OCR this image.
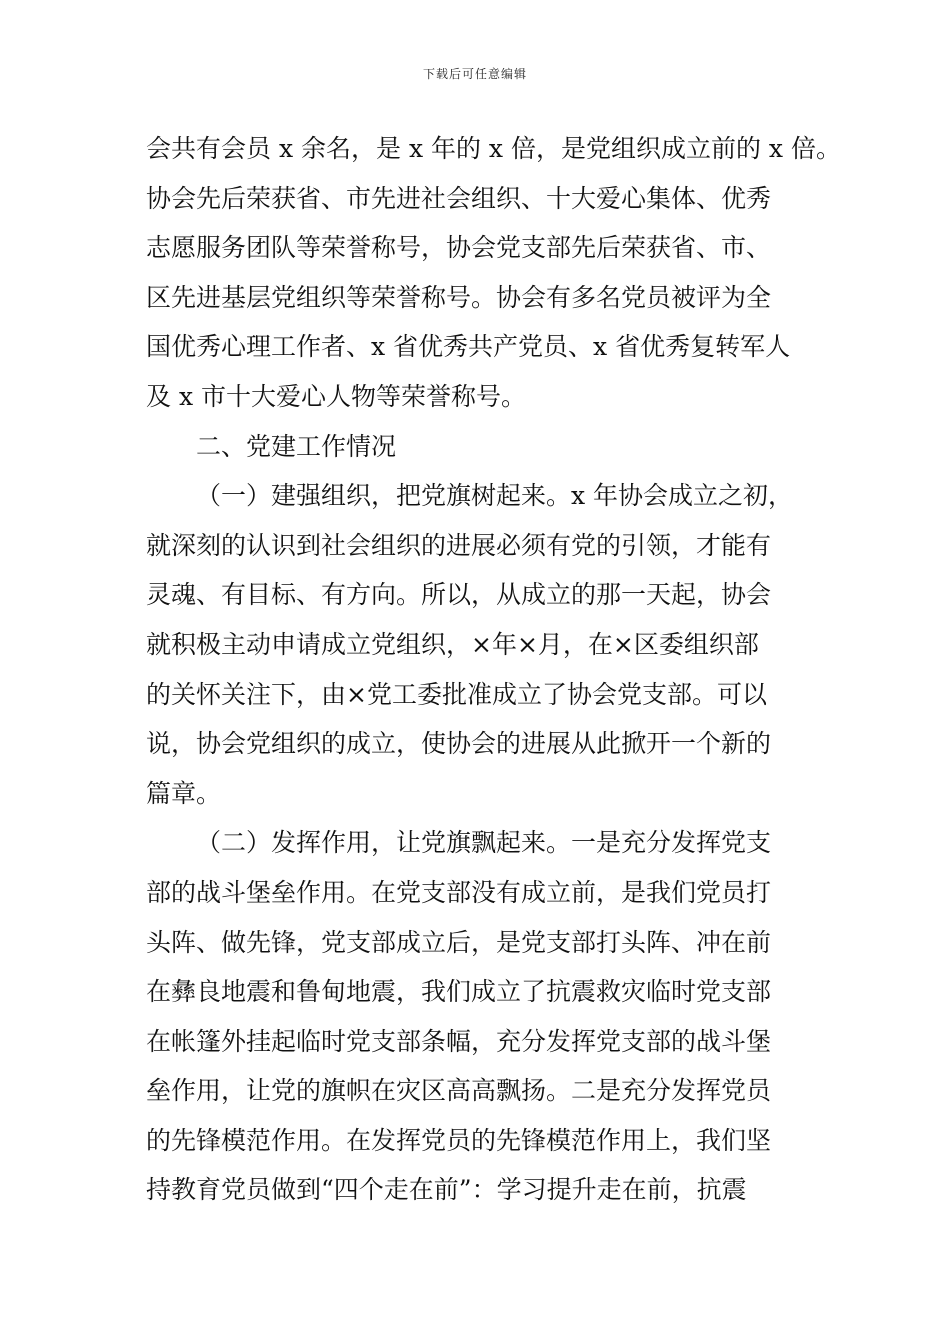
下载后可任意编辑
会共有会员 x 余名，是 x 年的 x 倍，是党组织成立前的 x 倍。
协会先后荣获省、市先进社会组织、十大爱心集体、优秀
志愿服务团队等荣誉称号，协会党支部先后荣获省、市、
区先进基层党组织等荣誉称号。协会有多名党员被评为全
国优秀心理工作者、x 省优秀共产党员、x 省优秀复转军人
及 x 市十大爱心人物等荣誉称号。
二、党建工作情况
（一）建强组织，把党旗树起来。x 年协会成立之初，
就深刻的认识到社会组织的进展必须有党的引领，才能有
灵魂、有目标、有方向。所以，从成立的那一天起，协会
就积极主动申请成立党组织，×年×月，在×区委组织部
的关怀关注下，由×党工委批准成立了协会党支部。可以
说，协会党组织的成立，使协会的进展从此掀开一个新的
篇章。
（二）发挥作用，让党旗飘起来。一是充分发挥党支
部的战斗堡垒作用。在党支部没有成立前，是我们党员打
头阵、做先锋，党支部成立后，是党支部打头阵、冲在前
在彝良地震和鲁甸地震，我们成立了抗震救灾临时党支部
在帐篷外挂起临时党支部条幅，充分发挥党支部的战斗堡
垒作用，让党的旗帜在灾区高高飘扬。二是充分发挥党员
的先锋模范作用。在发挥党员的先锋模范作用上，我们坚
持教育党员做到“四个走在前”：学习提升走在前，抗震
